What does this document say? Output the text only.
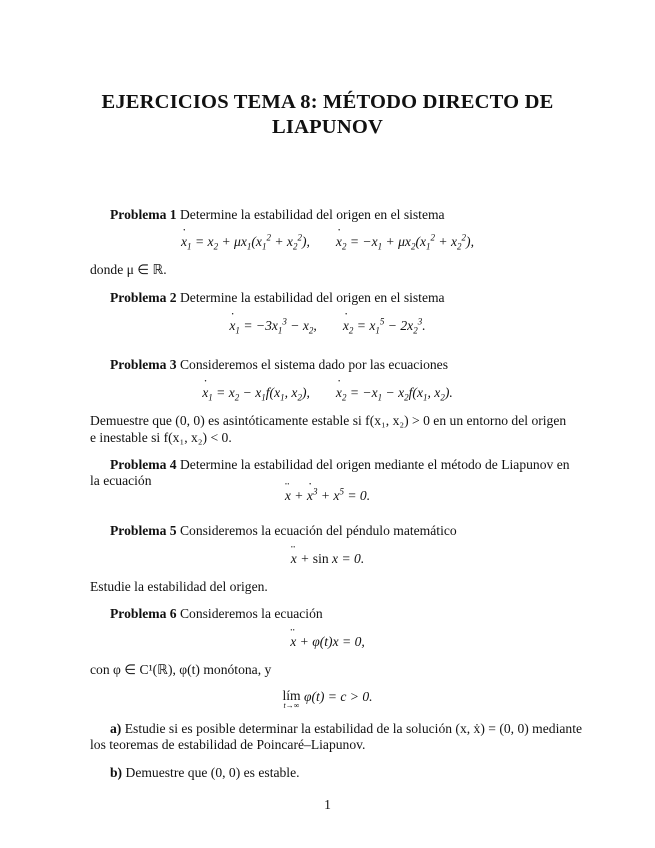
EJERCICIOS TEMA 8: MÉTODO DIRECTO DE
LIAPUNOV
Problema 1 Determine la estabilidad del origen en el sistema
˙ $x_1 = x_2 + \mu x_1(x_1^2$ + $x_2^2),˙$ $x_2 = -x_1 + \mu x_2(x_1^2 + x_2^2)$,
donde μ ∈ ℝ.
Problema 2 Determine la estabilidad del origen en el sistema
˙ $x_1 = -3x_1^3$ − $x_2,˙$ $x_2 = x_1^5 - 2x_2^3$.
Problema 3 Consideremos el sistema dado por las ecuaciones
˙ $x_1 = x_2 - x_1f(x_1$, $x_2),˙$ $x_2 = -x_1 - x_2f(x_1$, $x_2$).
Demuestre que (0, 0) es asintóticamente estable si f(x₁, x₂) > 0 en un entorno del origen
e inestable si f(x₁, x₂) < 0.
Problema 4 Determine la estabilidad del origen mediante el método de Liapunov en
la ecuación
¨ x + ˙ $x^3 + x^5 = 0$.
Problema 5 Consideremos la ecuación del péndulo matemático
¨ x + sin x = 0.
Estudie la estabilidad del origen.
Problema 6 Consideremos la ecuación
¨ x + φ(t)x = 0,
con φ ∈ C¹(ℝ), φ(t) monótona, y
lím
t→∞
φ(t) = c > 0.
a) Estudie si es posible determinar la estabilidad de la solución (x, ẋ) = (0, 0) mediante
los teoremas de estabilidad de Poincaré–Liapunov.
b) Demuestre que (0, 0) es estable.
1
